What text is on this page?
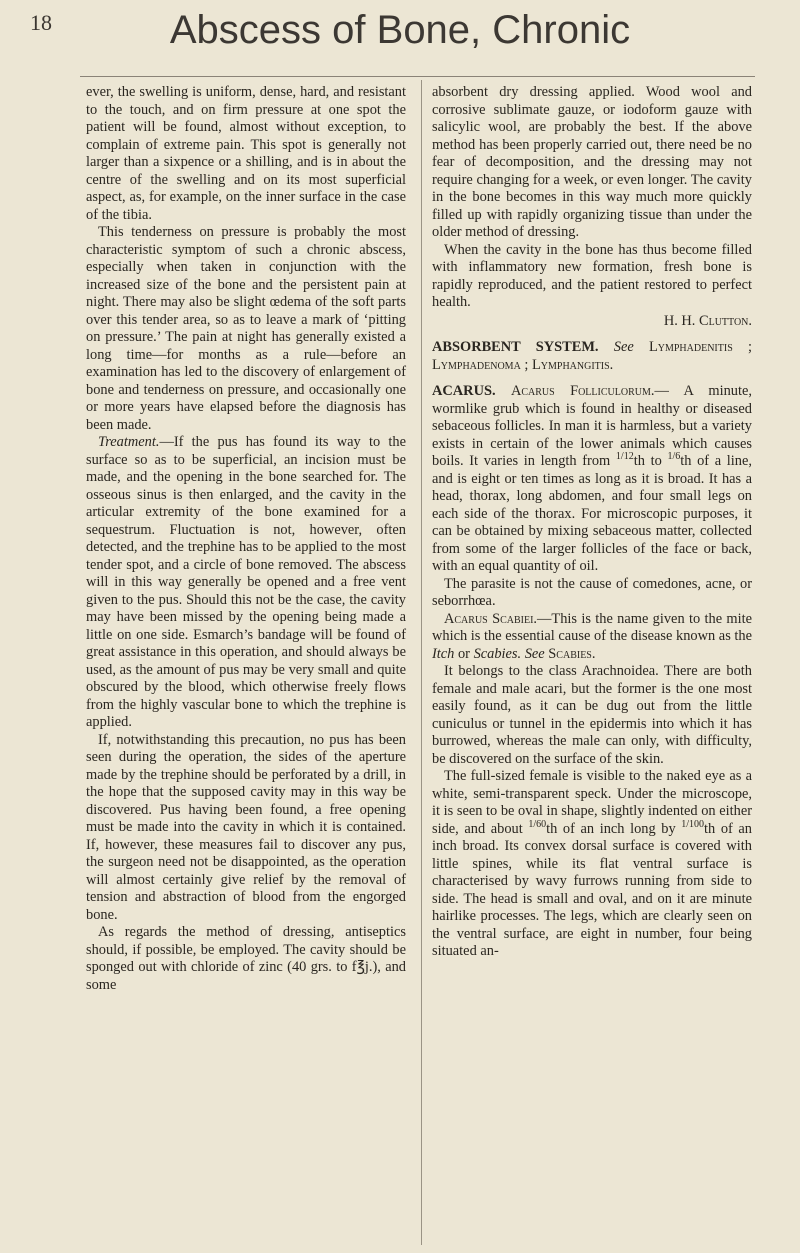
18	Abscess of Bone, Chronic

ever, the swelling is uniform, dense, hard, and resistant to the touch, and on firm pressure at one spot the patient will be found, almost without exception, to complain of extreme pain. This spot is generally not larger than a sixpence or a shilling, and is in about the centre of the swelling and on its most superficial aspect, as, for example, on the inner surface in the case of the tibia.

This tenderness on pressure is probably the most characteristic symptom of such a chronic abscess, especially when taken in conjunction with the increased size of the bone and the persistent pain at night. There may also be slight œdema of the soft parts over this tender area, so as to leave a mark of ‘pitting on pressure.’ The pain at night has generally existed a long time—for months as a rule—before an examination has led to the discovery of enlargement of bone and tenderness on pressure, and occasionally one or more years have elapsed before the diagnosis has been made.

Treatment.—If the pus has found its way to the surface so as to be superficial, an incision must be made, and the opening in the bone searched for. The osseous sinus is then enlarged, and the cavity in the articular extremity of the bone examined for a sequestrum. Fluctuation is not, however, often detected, and the trephine has to be applied to the most tender spot, and a circle of bone removed. The abscess will in this way generally be opened and a free vent given to the pus. Should this not be the case, the cavity may have been missed by the opening being made a little on one side. Esmarch’s bandage will be found of great assistance in this operation, and should always be used, as the amount of pus may be very small and quite obscured by the blood, which otherwise freely flows from the highly vascular bone to which the trephine is applied.

If, notwithstanding this precaution, no pus has been seen during the operation, the sides of the aperture made by the trephine should be perforated by a drill, in the hope that the supposed cavity may in this way be discovered. Pus having been found, a free opening must be made into the cavity in which it is contained. If, however, these measures fail to discover any pus, the surgeon need not be disappointed, as the operation will almost certainly give relief by the removal of tension and abstraction of blood from the engorged bone.

As regards the method of dressing, antiseptics should, if possible, be employed. The cavity should be sponged out with chloride of zinc (40 grs. to f℥j.), and some

absorbent dry dressing applied. Wood wool and corrosive sublimate gauze, or iodoform gauze with salicylic wool, are probably the best. If the above method has been properly carried out, there need be no fear of decomposition, and the dressing may not require changing for a week, or even longer. The cavity in the bone becomes in this way much more quickly filled up with rapidly organizing tissue than under the older method of dressing.

When the cavity in the bone has thus become filled with inflammatory new formation, fresh bone is rapidly reproduced, and the patient restored to perfect health.

H. H. Clutton.

ABSORBENT SYSTEM. See Lymphadenitis ; Lymphadenoma ; Lymphangitis.

ACARUS. Acarus Folliculorum.— A minute, wormlike grub which is found in healthy or diseased sebaceous follicles. In man it is harmless, but a variety exists in certain of the lower animals which causes boils. It varies in length from $^{1/12}$th to $^{1/6}$th of a line, and is eight or ten times as long as it is broad. It has a head, thorax, long abdomen, and four small legs on each side of the thorax. For microscopic purposes, it can be obtained by mixing sebaceous matter, collected from some of the larger follicles of the face or back, with an equal quantity of oil.

The parasite is not the cause of comedones, acne, or seborrhœa.

Acarus Scabiei.—This is the name given to the mite which is the essential cause of the disease known as the Itch or Scabies. See Scabies.

It belongs to the class Arachnoidea. There are both female and male acari, but the former is the one most easily found, as it can be dug out from the little cuniculus or tunnel in the epidermis into which it has burrowed, whereas the male can only, with difficulty, be discovered on the surface of the skin.

The full-sized female is visible to the naked eye as a white, semi-transparent speck. Under the microscope, it is seen to be oval in shape, slightly indented on either side, and about $^{1/60}$th of an inch long by $^{1/100}$th of an inch broad. Its convex dorsal surface is covered with little spines, while its flat ventral surface is characterised by wavy furrows running from side to side. The head is small and oval, and on it are minute hairlike processes. The legs, which are clearly seen on the ventral surface, are eight in number, four being situated an-
